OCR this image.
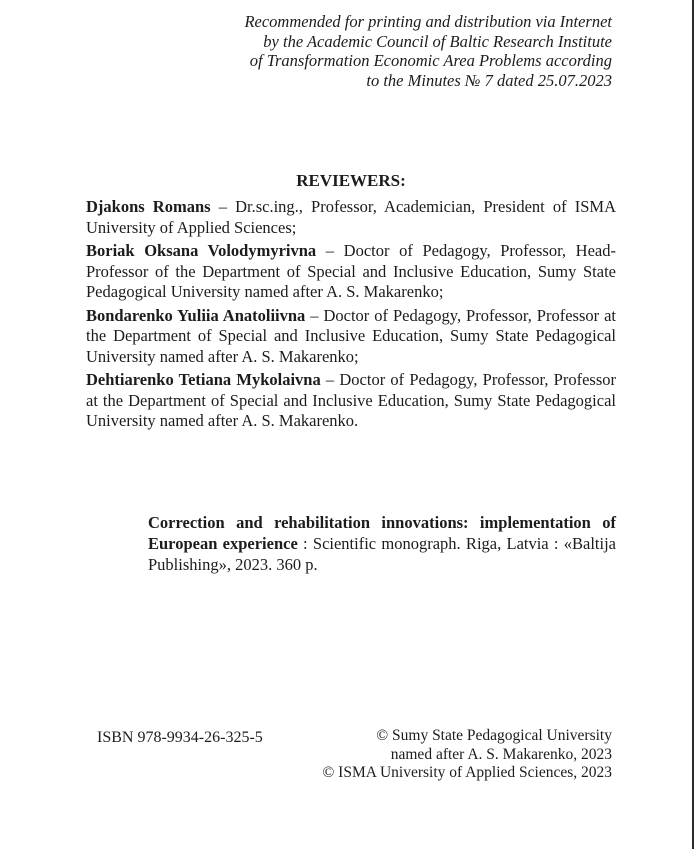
Recommended for printing and distribution via Internet
by the Academic Council of Baltic Research Institute
of Transformation Economic Area Problems according
to the Minutes № 7 dated 25.07.2023
REVIEWERS:

Djakons Romans – Dr.sc.ing., Professor, Academician, President of ISMA University of Applied Sciences;

Boriak Oksana Volodymyrivna – Doctor of Pedagogy, Professor, Head-Professor of the Department of Special and Inclusive Education, Sumy State Pedagogical University named after A. S. Makarenko;

Bondarenko Yuliia Anatoliivna – Doctor of Pedagogy, Professor, Professor at the Department of Special and Inclusive Education, Sumy State Pedagogical University named after A. S. Makarenko;

Dehtiarenko Tetiana Mykolaivna – Doctor of Pedagogy, Professor, Professor at the Department of Special and Inclusive Education, Sumy State Pedagogical University named after A. S. Makarenko.

Correction and rehabilitation innovations: implementation of European experience : Scientific monograph. Riga, Latvia : «Baltija Publishing», 2023. 360 p.
ISBN 978-9934-26-325-5	© Sumy State Pedagogical University
named after A. S. Makarenko, 2023
© ISMA University of Applied Sciences, 2023
